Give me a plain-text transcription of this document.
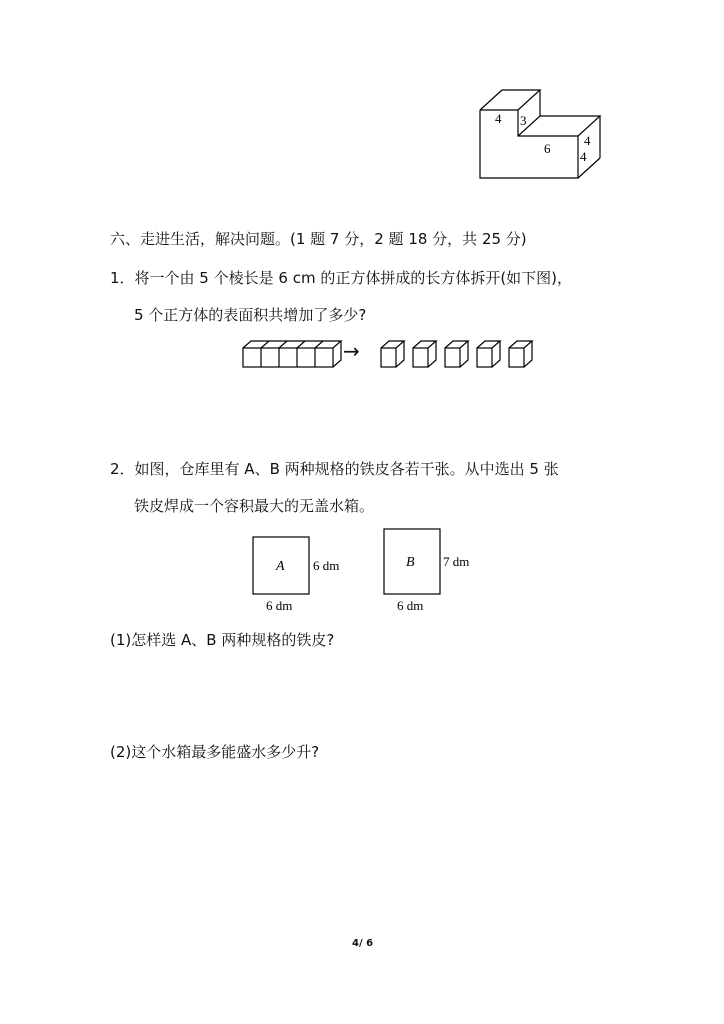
4 3
4
6
4
六、走进生活，解决问题。(1 题 7 分，2 题 18 分，共 25 分)
1．将一个由 5 个棱长是 6 cm 的正方体拼成的长方体拆开(如下图)，
5 个正方体的表面积共增加了多少?
→
2．如图，仓库里有 A、B 两种规格的铁皮各若干张。从中选出 5 张
铁皮焊成一个容积最大的无盖水箱。
A 6 dm
6 dm
B 7 dm
6 dm
(1)怎样选 A、B 两种规格的铁皮?
(2)这个水箱最多能盛水多少升?
4/ 6
